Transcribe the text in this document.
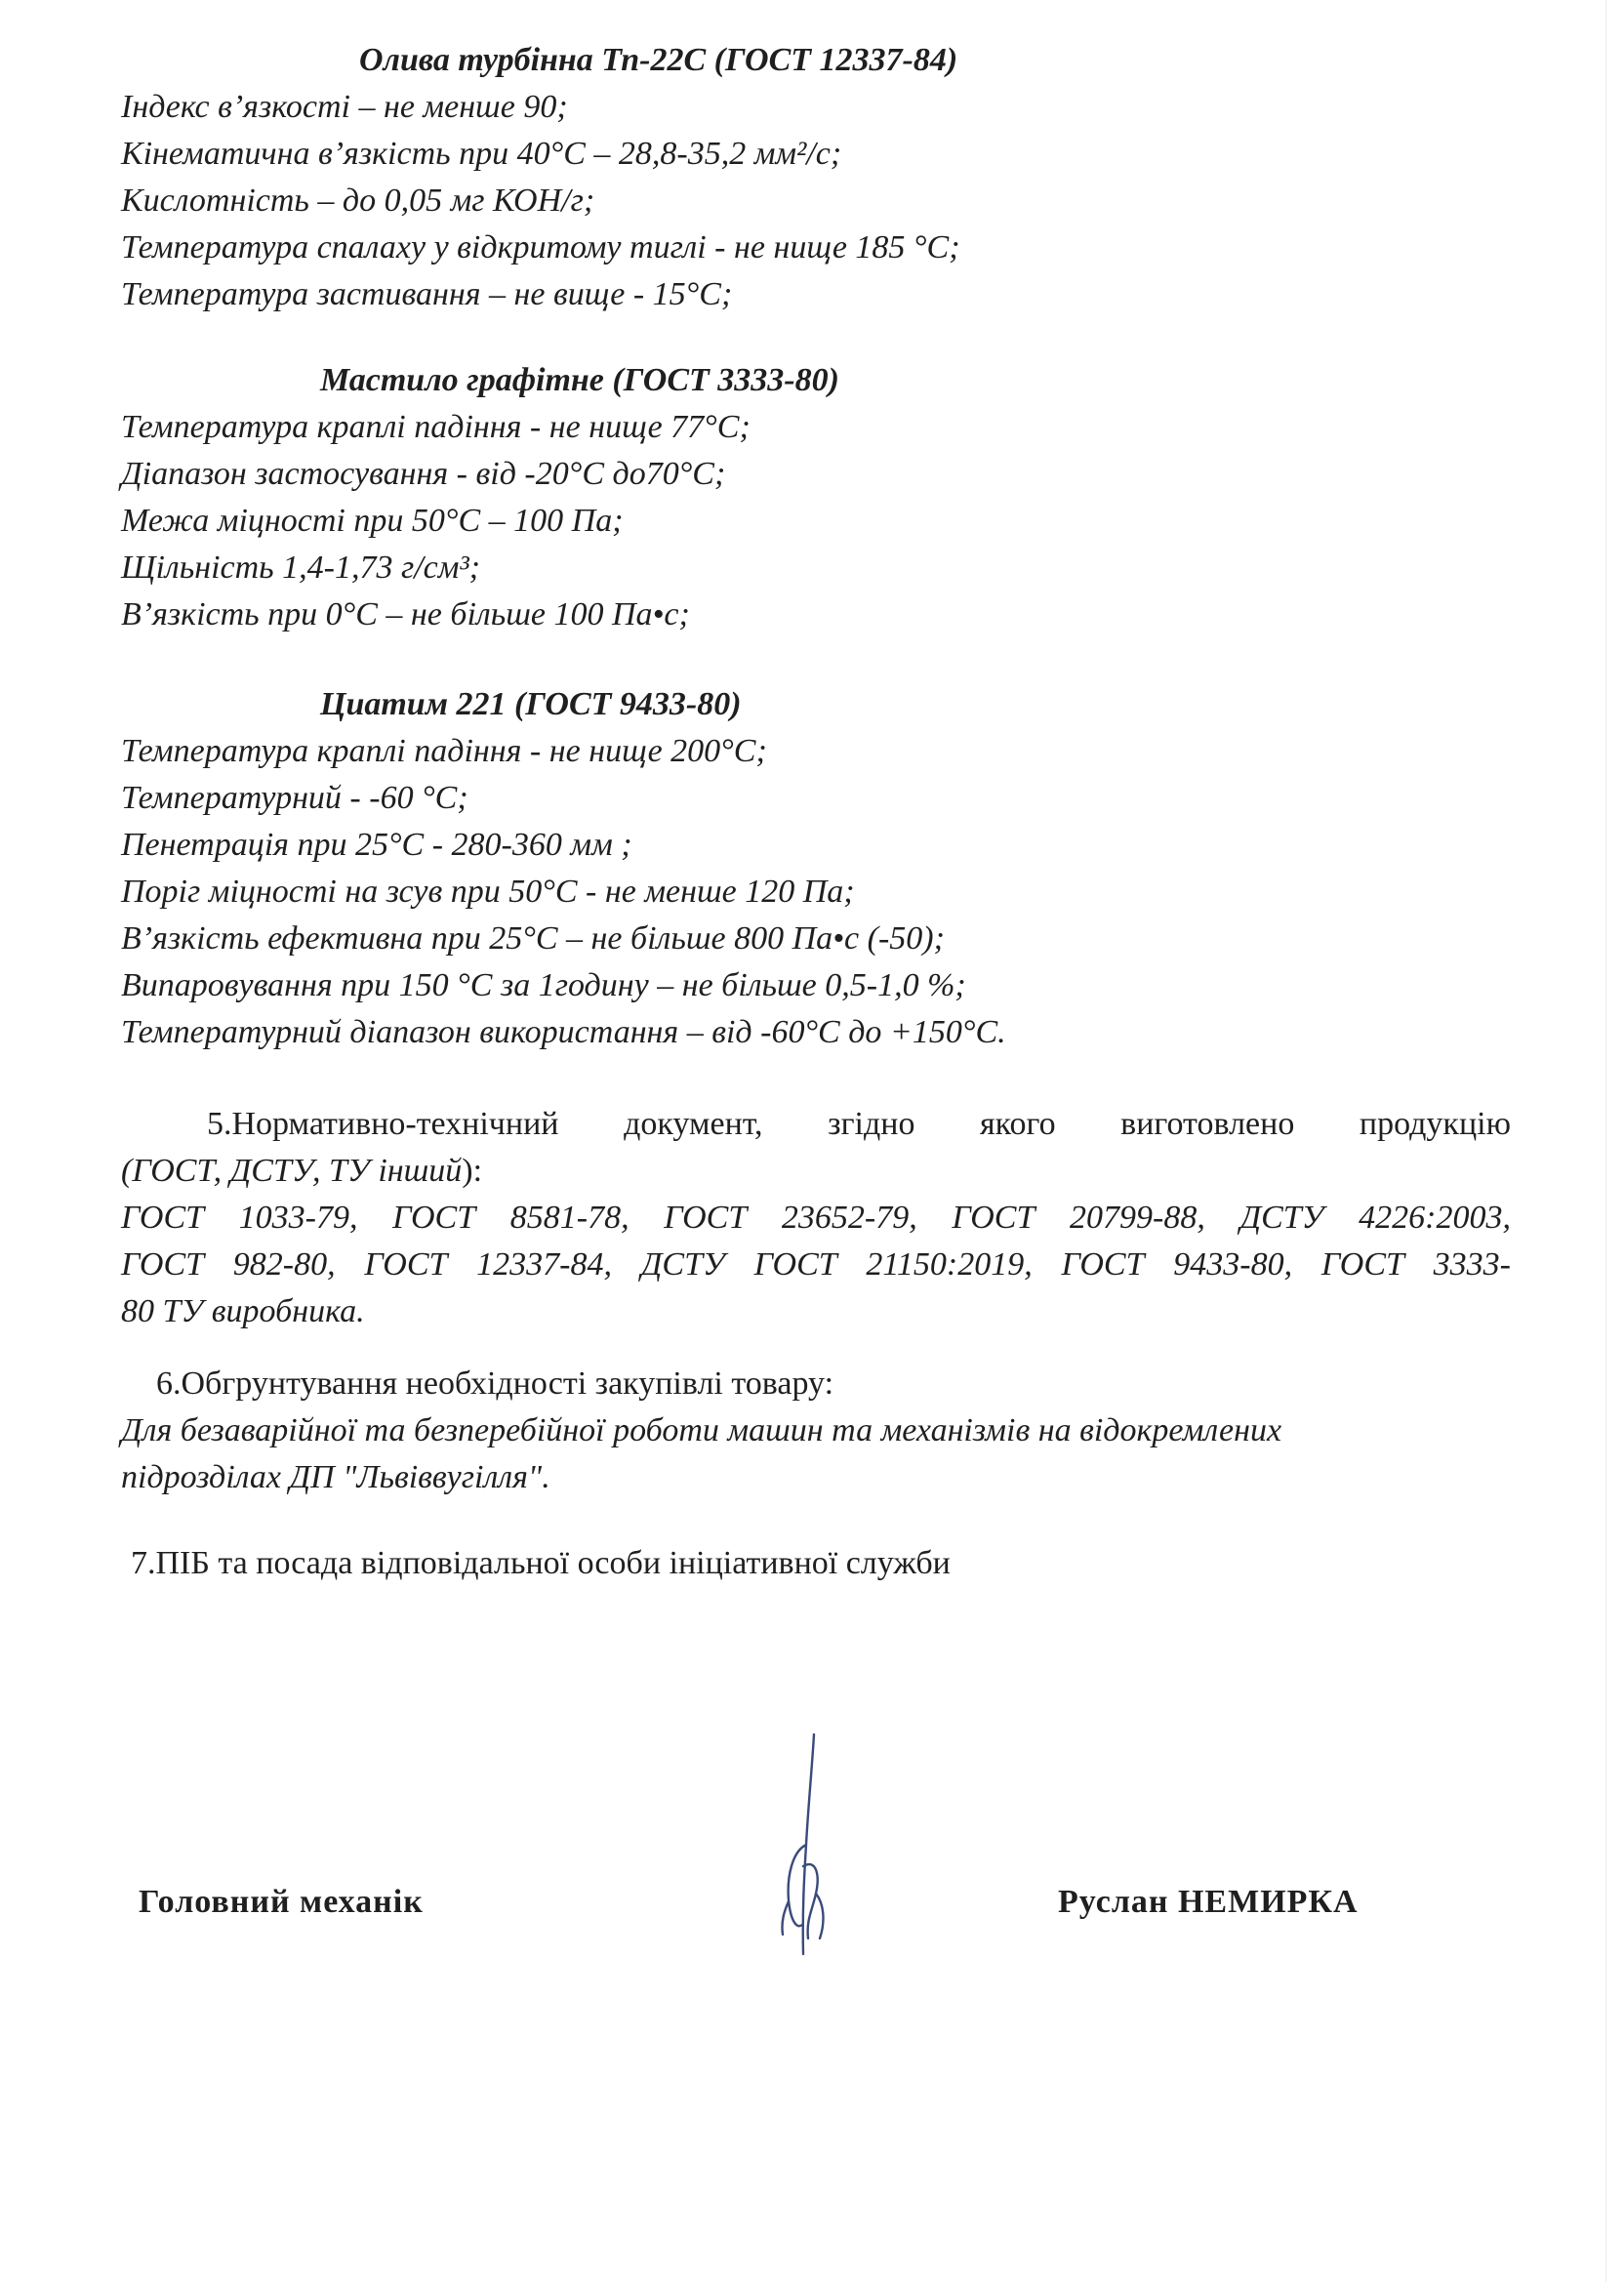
Олива турбінна Тп-22С (ГОСТ 12337-84)
Індекс в’язкості – не менше 90;
Кінематична в’язкість при 40°С – 28,8-35,2 мм²/с;
Кислотність – до 0,05 мг КОН/г;
Температура спалаху у відкритому тиглі - не нище 185 °С;
Температура застивання – не вище - 15°С;
Мастило графітне (ГОСТ 3333-80)
Температура краплі падіння - не нище 77°С;
Діапазон застосування - від -20°С до70°С;
Межа міцності при 50°С – 100 Па;
Щільність 1,4-1,73 г/см³;
В’язкість при 0°С – не більше 100 Па•с;
Циатим 221 (ГОСТ 9433-80)
Температура краплі падіння - не нище 200°С;
Температурний - -60 °С;
Пенетрація при 25°С - 280-360 мм ;
Поріг міцності на зсув при 50°С - не менше 120 Па;
В’язкість ефективна при 25°С – не більше 800 Па•с (-50);
Випаровування при 150 °С за 1годину – не більше 0,5-1,0 %;
Температурний діапазон використання – від -60°С до +150°С.
5.Нормативно-технічний документ, згідно якого виготовлено продукцію
(ГОСТ, ДСТУ, ТУ інший):
ГОСТ 1033-79, ГОСТ 8581-78, ГОСТ 23652-79, ГОСТ 20799-88, ДСТУ 4226:2003,
ГОСТ 982-80, ГОСТ 12337-84, ДСТУ ГОСТ 21150:2019, ГОСТ 9433-80, ГОСТ 3333-
80 ТУ виробника.
6.Обгрунтування необхідності закупівлі товару:
Для безаварійної та безперебійної роботи машин та механізмів на відокремлених
підрозділах ДП "Львіввугілля".
7.ПІБ та посада відповідальної особи ініціативної служби
Головний механік	Руслан НЕМИРКА
